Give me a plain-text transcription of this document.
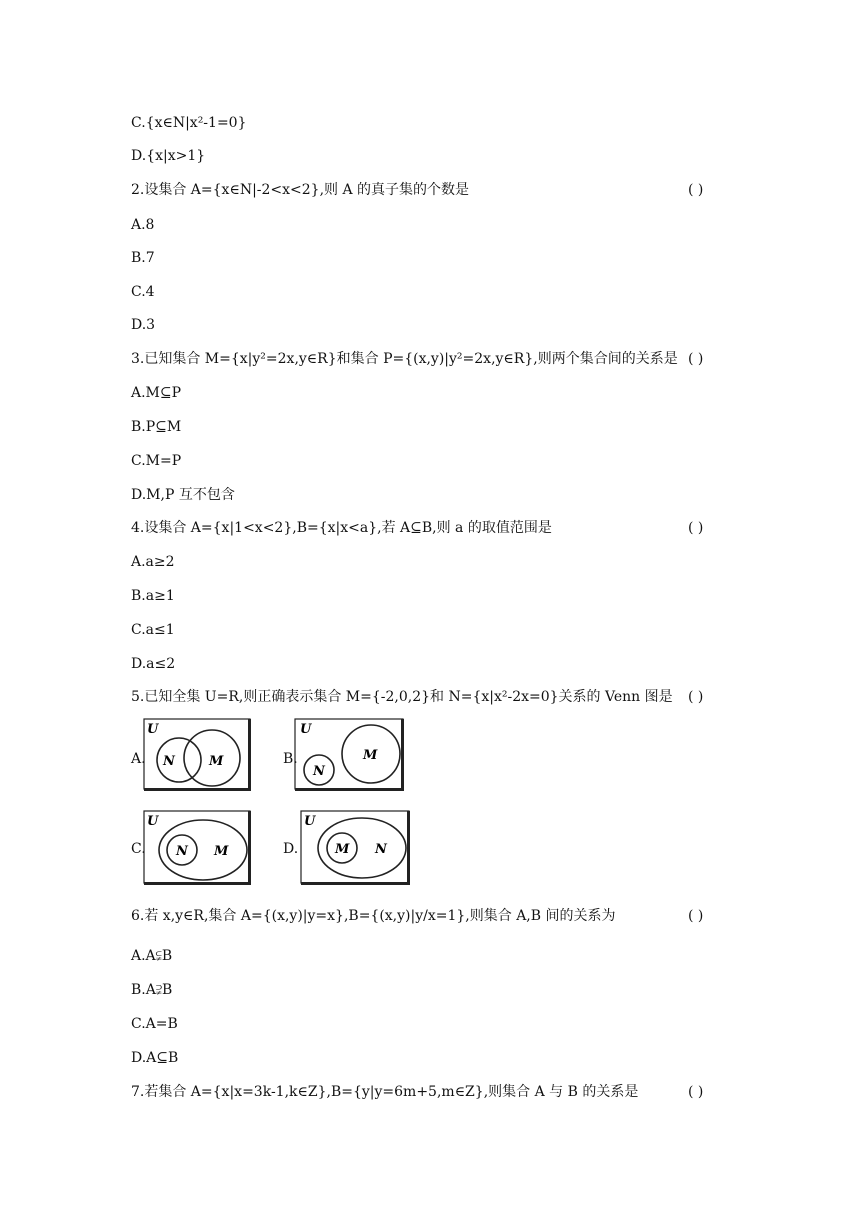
C.{x∈N|x²-1=0}
D.{x|x>1}
2.设集合 A={x∈N|-2<x<2},则 A 的真子集的个数是	( )
A.8
B.7
C.4
D.3
3.已知集合 M={x|y²=2x,y∈R}和集合 P={(x,y)|y²=2x,y∈R},则两个集合间的关系是 ( )
A.M⊆P
B.P⊆M
C.M=P
D.M,P 互不包含
4.设集合 A={x|1<x<2},B={x|x<a},若 A⊆B,则 a 的取值范围是	( )
A.a≥2
B.a≥1
C.a≤1
D.a≤2
5.已知全集 U=R,则正确表示集合 M={-2,0,2}和 N={x|x²-2x=0}关系的 Venn 图是 ( )
A.	B.
C.	D.
U
N	M
U
N
M
U
N M
U
M N
6.若 x,y∈R,集合 A={(x,y)|y=x},B={(x,y)|y/x=1},则集合 A,B 间的关系为	( )
A.A⫋B
B.A⫌B
C.A=B
D.A⊆B
7.若集合 A={x|x=3k-1,k∈Z},B={y|y=6m+5,m∈Z},则集合 A 与 B 的关系是	( )
